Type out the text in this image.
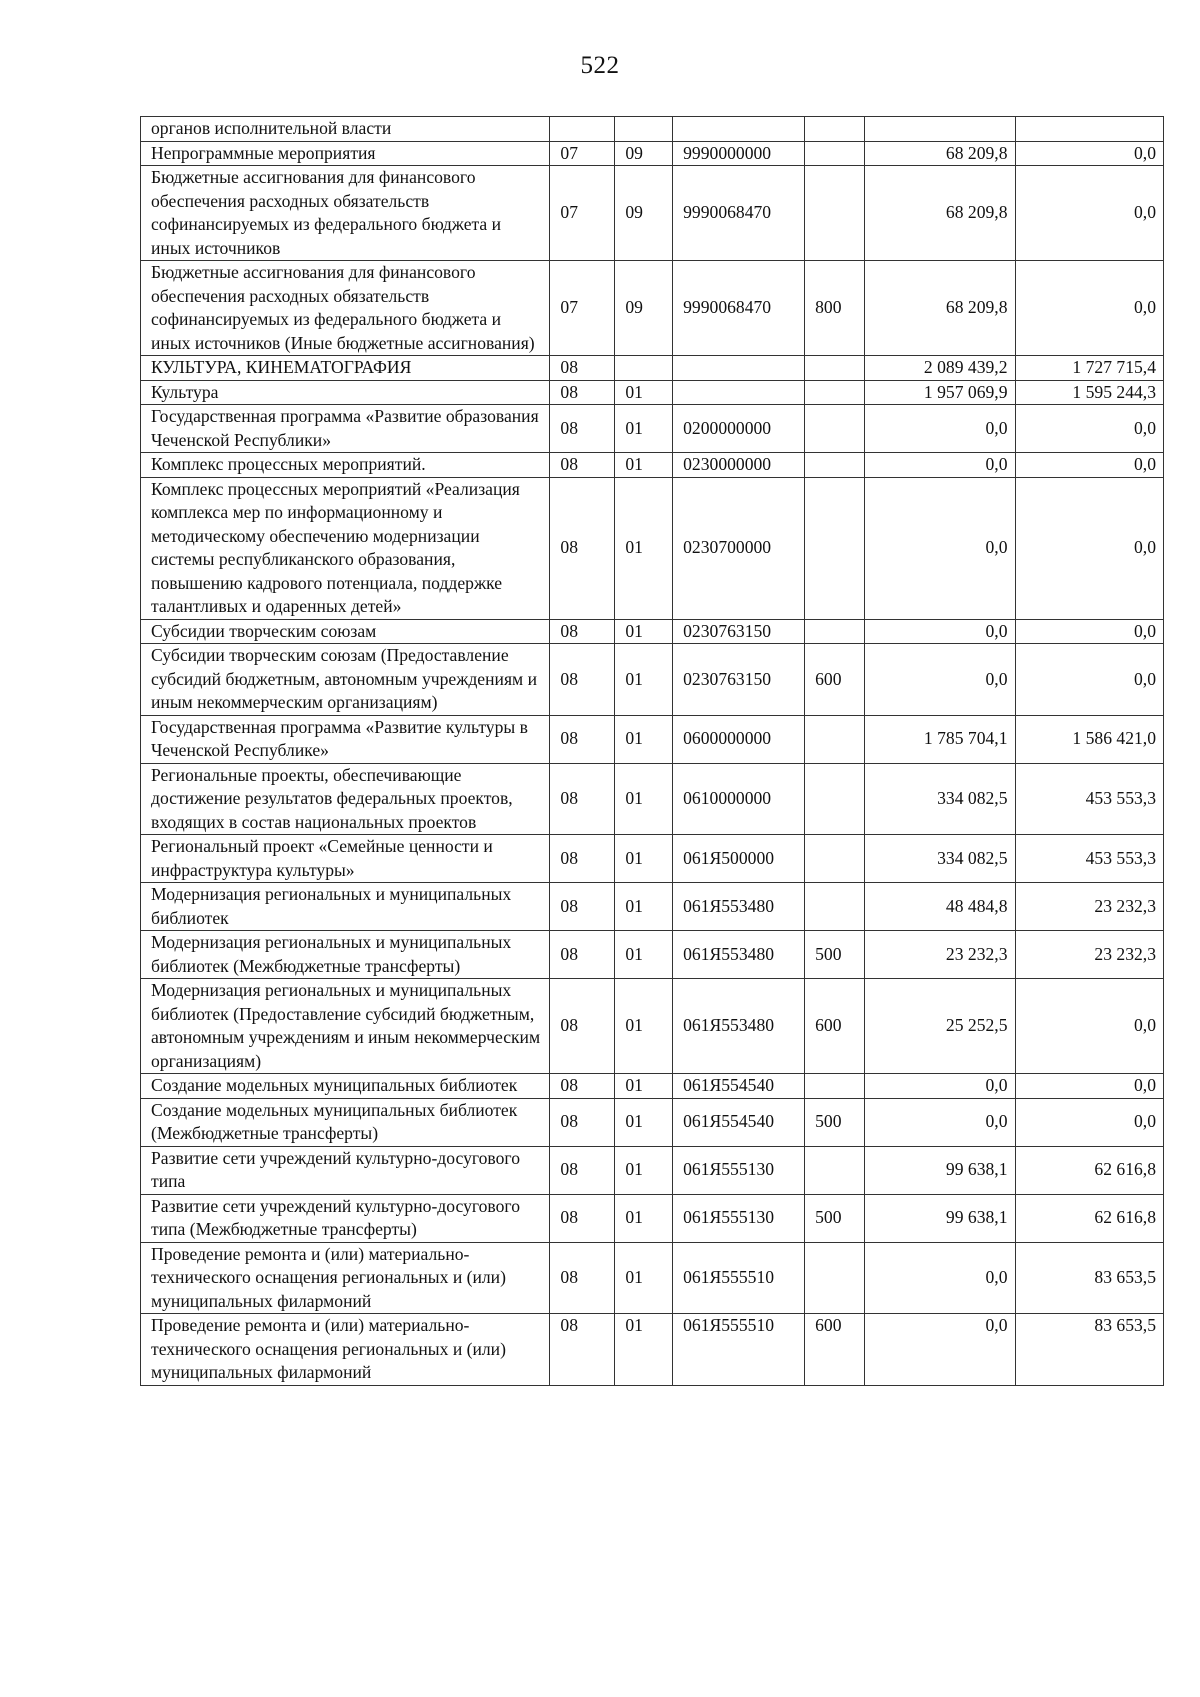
522
органов исполнительной власти						
Непрограммные мероприятия	07	09	9990000000		68 209,8	0,0
Бюджетные ассигнования для финансового обеспечения расходных обязательств софинансируемых из федерального бюджета и иных источников	07	09	9990068470		68 209,8	0,0
Бюджетные ассигнования для финансового обеспечения расходных обязательств софинансируемых из федерального бюджета и иных источников (Иные бюджетные ассигнования)	07	09	9990068470	800	68 209,8	0,0
КУЛЬТУРА, КИНЕМАТОГРАФИЯ	08				2 089 439,2	1 727 715,4
Культура	08	01			1 957 069,9	1 595 244,3
Государственная программа «Развитие образования Чеченской Республики»	08	01	0200000000		0,0	0,0
Комплекс процессных мероприятий.	08	01	0230000000		0,0	0,0
Комплекс процессных мероприятий «Реализация комплекса мер по информационному и методическому обеспечению модернизации системы республиканского образования, повышению кадрового потенциала, поддержке талантливых и одаренных детей»	08	01	0230700000		0,0	0,0
Субсидии творческим союзам	08	01	0230763150		0,0	0,0
Субсидии творческим союзам (Предоставление субсидий бюджетным, автономным учреждениям и иным некоммерческим организациям)	08	01	0230763150	600	0,0	0,0
Государственная программа «Развитие культуры в Чеченской Республике»	08	01	0600000000		1 785 704,1	1 586 421,0
Региональные проекты, обеспечивающие достижение результатов федеральных проектов, входящих в состав национальных проектов	08	01	0610000000		334 082,5	453 553,3
Региональный проект «Семейные ценности и инфраструктура культуры»	08	01	061Я500000		334 082,5	453 553,3
Модернизация региональных и муниципальных библиотек	08	01	061Я553480		48 484,8	23 232,3
Модернизация региональных и муниципальных библиотек (Межбюджетные трансферты)	08	01	061Я553480	500	23 232,3	23 232,3
Модернизация региональных и муниципальных библиотек (Предоставление субсидий бюджетным, автономным учреждениям и иным некоммерческим организациям)	08	01	061Я553480	600	25 252,5	0,0
Создание модельных муниципальных библиотек	08	01	061Я554540		0,0	0,0
Создание модельных муниципальных библиотек (Межбюджетные трансферты)	08	01	061Я554540	500	0,0	0,0
Развитие сети учреждений культурно-досугового типа	08	01	061Я555130		99 638,1	62 616,8
Развитие сети учреждений культурно-досугового типа (Межбюджетные трансферты)	08	01	061Я555130	500	99 638,1	62 616,8
Проведение ремонта и (или) материально-технического оснащения региональных и (или) муниципальных филармоний	08	01	061Я555510		0,0	83 653,5
Проведение ремонта и (или) материально-технического оснащения региональных и (или) муниципальных филармоний	08	01	061Я555510	600	0,0	83 653,5
